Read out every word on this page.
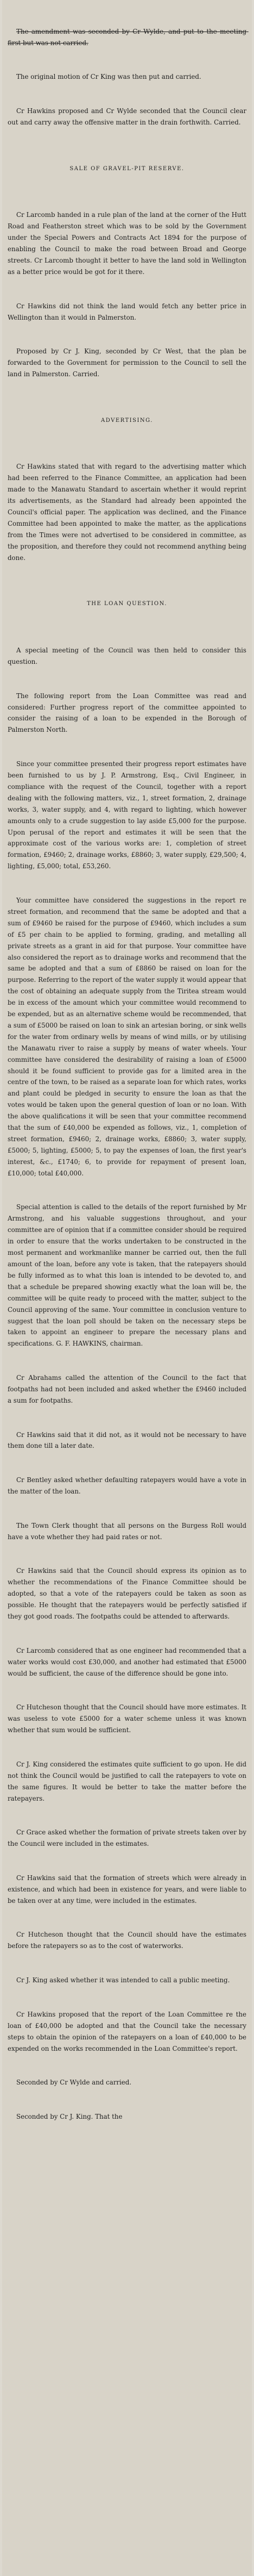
The amendment was seconded by Cr Wylde, and put to the meeting first but was not carried.

The original motion of Cr King was then put and carried.

Cr Hawkins proposed and Cr Wylde seconded that the Council clear out and carry away the offensive matter in the drain forthwith. Carried.

SALE OF GRAVEL-PIT RESERVE.

Cr Larcomb handed in a rule plan of the land at the corner of the Hutt Road and Featherston street which was to be sold by the Government under the Special Powers and Contracts Act 1894 for the purpose of enabling the Council to make the road between Broad and George streets. Cr Larcomb thought it better to have the land sold in Wellington as a better price would be got for it there.

Cr Hawkins did not think the land would fetch any better price in Wellington than it would in Palmerston.

Proposed by Cr J. King, seconded by Cr West, that the plan be forwarded to the Government for permission to the Council to sell the land in Palmerston. Carried.

ADVERTISING.

Cr Hawkins stated that with regard to the advertising matter which had been referred to the Finance Committee, an application had been made to the Manawatu Standard to ascertain whether it would reprint its advertisements, as the Standard had already been appointed the Council's official paper. The application was declined, and the Finance Committee had been appointed to make the matter, as the applications from the Times were not advertised to be considered in committee, as the proposition, and therefore they could not recommend anything being done.

THE LOAN QUESTION.

A special meeting of the Council was then held to consider this question.

The following report from the Loan Committee was read and considered: Further progress report of the committee appointed to consider the raising of a loan to be expended in the Borough of Palmerston North.

Since your committee presented their progress report estimates have been furnished to us by J. P. Armstrong, Esq., Civil Engineer, in compliance with the request of the Council, together with a report dealing with the following matters, viz., 1, street formation, 2, drainage works, 3, water supply, and 4, with regard to lighting, which however amounts only to a crude suggestion to lay aside £5,000 for the purpose. Upon perusal of the report and estimates it will be seen that the approximate cost of the various works are: 1, completion of street formation, £9460; 2, drainage works, £8860; 3, water supply, £29,500; 4, lighting, £5,000; total, £53,260.

Your committee have considered the suggestions in the report re street formation, and recommend that the same be adopted and that a sum of £9460 be raised for the purpose of £9460, which includes a sum of £5 per chain to be applied to forming, grading, and metalling all private streets as a grant in aid for that purpose. Your committee have also considered the report as to drainage works and recommend that the same be adopted and that a sum of £8860 be raised on loan for the purpose. Referring to the report of the water supply it would appear that the cost of obtaining an adequate supply from the Tiritea stream would be in excess of the amount which your committee would recommend to be expended, but as an alternative scheme would be recommended, that a sum of £5000 be raised on loan to sink an artesian boring, or sink wells for the water from ordinary wells by means of wind mills, or by utilising the Manawatu river to raise a supply by means of water wheels. Your committee have considered the desirability of raising a loan of £5000 should it be found sufficient to provide gas for a limited area in the centre of the town, to be raised as a separate loan for which rates, works and plant could be pledged in security to ensure the loan as that the votes would be taken upon the general question of loan or no loan. With the above qualifications it will be seen that your committee recommend that the sum of £40,000 be expended as follows, viz., 1, completion of street formation, £9460; 2, drainage works, £8860; 3, water supply, £5000; 5, lighting, £5000; 5, to pay the expenses of loan, the first year's interest, &c., £1740; 6, to provide for repayment of present loan, £10,000; total £40,000.

Special attention is called to the details of the report furnished by Mr Armstrong, and his valuable suggestions throughout, and your committee are of opinion that if a committee consider should be required in order to ensure that the works undertaken to be constructed in the most permanent and workmanlike manner be carried out, then the full amount of the loan, before any vote is taken, that the ratepayers should be fully informed as to what this loan is intended to be devoted to, and that a schedule be prepared showing exactly what the loan will be, the committee will be quite ready to proceed with the matter, subject to the Council approving of the same. Your committee in conclusion venture to suggest that the loan poll should be taken on the necessary steps be taken to appoint an engineer to prepare the necessary plans and specifications. G. F. HAWKINS, chairman.

Cr Abrahams called the attention of the Council to the fact that footpaths had not been included and asked whether the £9460 included a sum for footpaths.

Cr Hawkins said that it did not, as it would not be necessary to have them done till a later date.

Cr Bentley asked whether defaulting ratepayers would have a vote in the matter of the loan.

The Town Clerk thought that all persons on the Burgess Roll would have a vote whether they had paid rates or not.

Cr Hawkins said that the Council should express its opinion as to whether the recommendations of the Finance Committee should be adopted, so that a vote of the ratepayers could be taken as soon as possible. He thought that the ratepayers would be perfectly satisfied if they got good roads. The footpaths could be attended to afterwards.

Cr Larcomb considered that as one engineer had recommended that a water works would cost £30,000, and another had estimated that £5000 would be sufficient, the cause of the difference should be gone into.

Cr Hutcheson thought that the Council should have more estimates. It was useless to vote £5000 for a water scheme unless it was known whether that sum would be sufficient.

Cr J. King considered the estimates quite sufficient to go upon. He did not think the Council would be justified to call the ratepayers to vote on the same figures. It would be better to take the matter before the ratepayers.

Cr Grace asked whether the formation of private streets taken over by the Council were included in the estimates.

Cr Hawkins said that the formation of streets which were already in existence, and which had been in existence for years, and were liable to be taken over at any time, were included in the estimates.

Cr Hutcheson thought that the Council should have the estimates before the ratepayers so as to the cost of waterworks.

Cr J. King asked whether it was intended to call a public meeting.

Cr Hawkins proposed that the report of the Loan Committee re the loan of £40,000 be adopted and that the Council take the necessary steps to obtain the opinion of the ratepayers on a loan of £40,000 to be expended on the works recommended in the Loan Committee's report.

Seconded by Cr Wylde and carried.

Seconded by Cr J. King. That the
